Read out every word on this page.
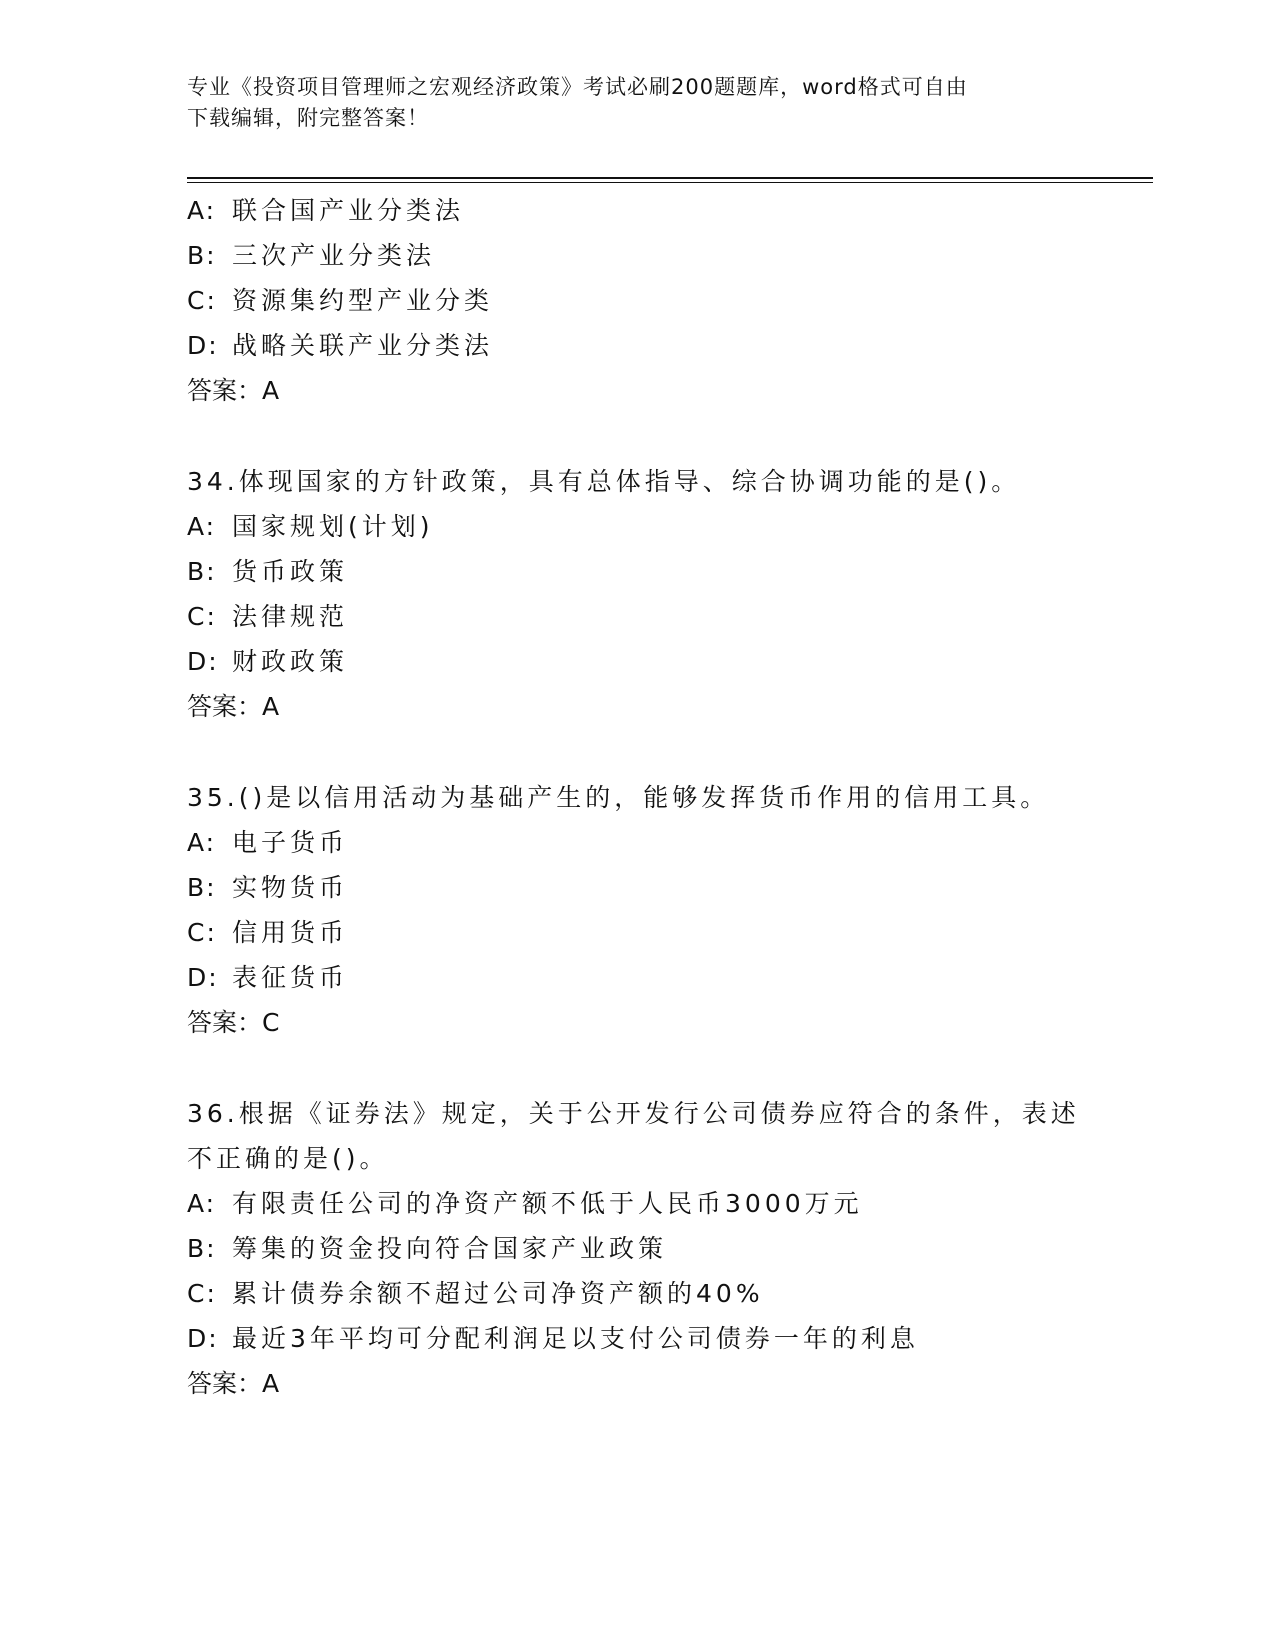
专业《投资项目管理师之宏观经济政策》考试必刷200题题库，word格式可自由
下载编辑，附完整答案！
A: 联合国产业分类法
B: 三次产业分类法
C: 资源集约型产业分类
D: 战略关联产业分类法
答案：A
34.体现国家的方针政策，具有总体指导、综合协调功能的是()。
A: 国家规划(计划)
B: 货币政策
C: 法律规范
D: 财政政策
答案：A
35.()是以信用活动为基础产生的，能够发挥货币作用的信用工具。
A: 电子货币
B: 实物货币
C: 信用货币
D: 表征货币
答案：C
36.根据《证券法》规定，关于公开发行公司债券应符合的条件，表述
不正确的是()。
A: 有限责任公司的净资产额不低于人民币3000万元
B: 筹集的资金投向符合国家产业政策
C: 累计债券余额不超过公司净资产额的40%
D: 最近3年平均可分配利润足以支付公司债券一年的利息
答案：A
